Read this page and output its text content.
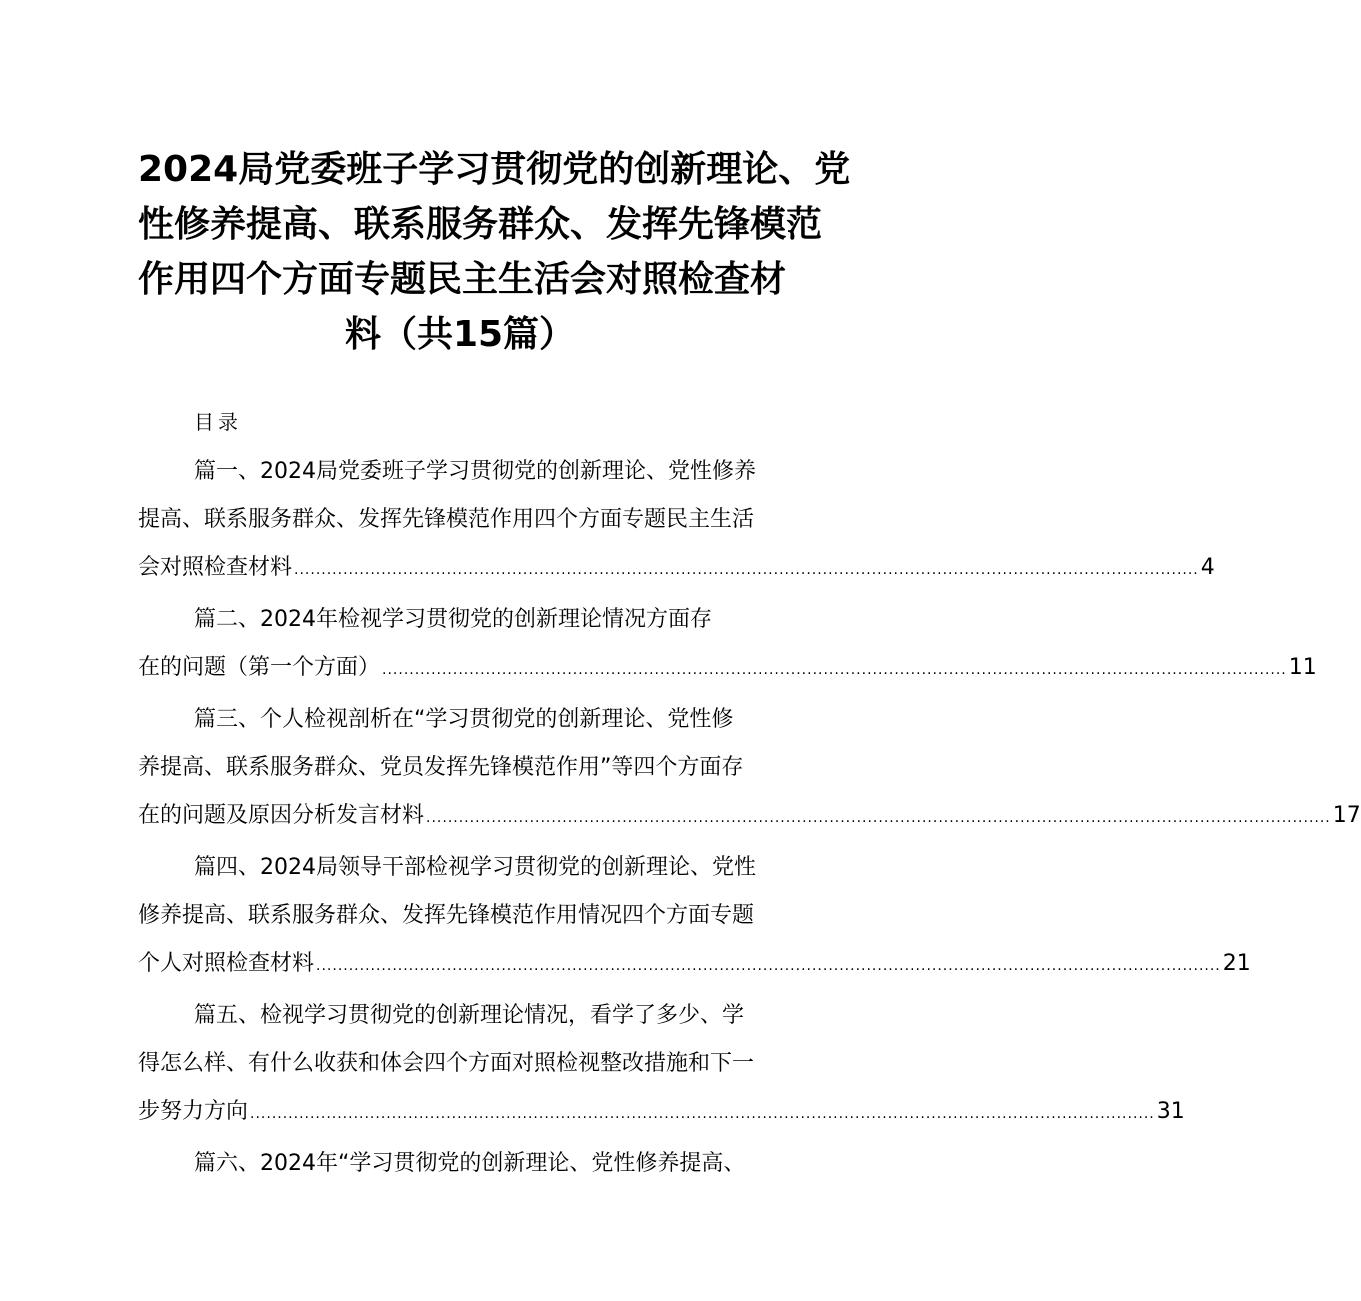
2024局党委班子学习贯彻党的创新理论、党
性修养提高、联系服务群众、发挥先锋模范
作用四个方面专题民主生活会对照检查材
料（共15篇）
目录
篇一、2024局党委班子学习贯彻党的创新理论、党性修养
提高、联系服务群众、发挥先锋模范作用四个方面专题民主生活
会对照检查材料 ...................................................................................................................................................................... 4
篇二、2024年检视学习贯彻党的创新理论情况方面存
在的问题（第一个方面） ...................................................................................................................................................................... 11
篇三、个人检视剖析在“学习贯彻党的创新理论、党性修
养提高、联系服务群众、党员发挥先锋模范作用”等四个方面存
在的问题及原因分析发言材料 ...................................................................................................................................................................... 17
篇四、2024局领导干部检视学习贯彻党的创新理论、党性
修养提高、联系服务群众、发挥先锋模范作用情况四个方面专题
个人对照检查材料 ...................................................................................................................................................................... 21
篇五、检视学习贯彻党的创新理论情况，看学了多少、学
得怎么样、有什么收获和体会四个方面对照检视整改措施和下一
步努力方向 ...................................................................................................................................................................... 31
篇六、2024年“学习贯彻党的创新理论、党性修养提高、
